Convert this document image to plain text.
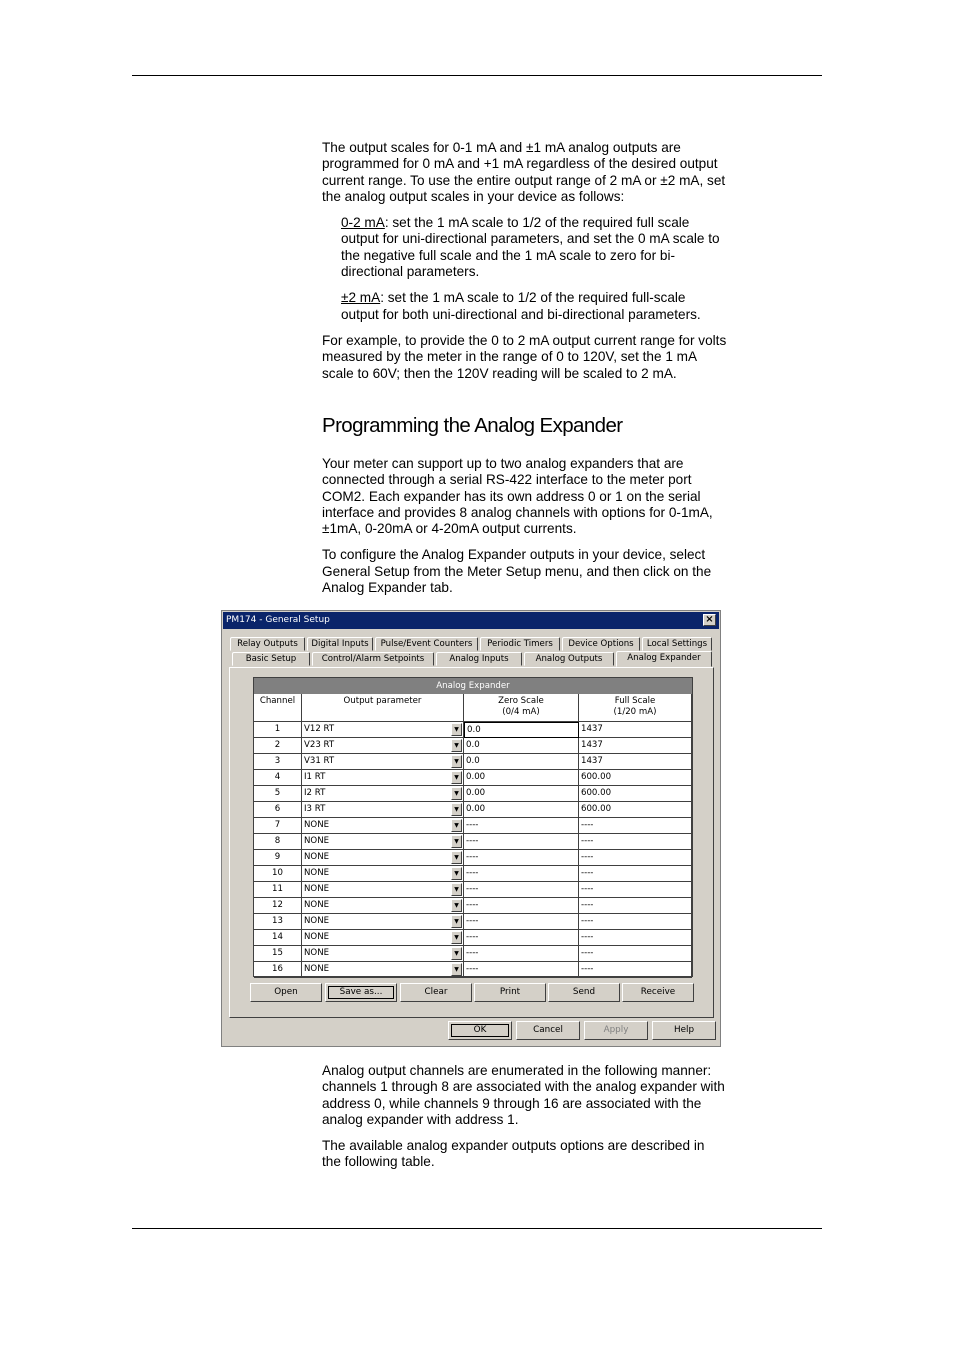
The output scales for 0-1 mA and ±1 mA analog outputs are programmed for 0 mA and +1 mA regardless of the desired output current range. To use the entire output range of 2 mA or ±2 mA, set the analog output scales in your device as follows:

0-2 mA: set the 1 mA scale to 1/2 of the required full scale output for uni-directional parameters, and set the 0 mA scale to the negative full scale and the 1 mA scale to zero for bi-directional parameters.

±2 mA: set the 1 mA scale to 1/2 of the required full-scale output for both uni-directional and bi-directional parameters.

For example, to provide the 0 to 2 mA output current range for volts measured by the meter in the range of 0 to 120V, set the 1 mA scale to 60V; then the 120V reading will be scaled to 2 mA.

Programming the Analog Expander

Your meter can support up to two analog expanders that are connected through a serial RS-422 interface to the meter port COM2. Each expander has its own address 0 or 1 on the serial interface and provides 8 analog channels with options for 0-1mA, ±1mA, 0-20mA or 4-20mA output currents.

To configure the Analog Expander outputs in your device, select General Setup from the Meter Setup menu, and then click on the Analog Expander tab.

PM174 - General Setup	×
Relay Outputs	Digital Inputs	Pulse/Event Counters	Periodic Timers	Device Options	Local Settings
Basic Setup	Control/Alarm Setpoints	Analog Inputs	Analog Outputs	Analog Expander
Analog Expander
Channel	Output parameter	Zero Scale
(0/4 mA)
Full Scale
(1/20 mA)
1	V12 RT	▼ 0.0	1437
2	V23 RT	▼ 0.0	1437
3	V31 RT	▼ 0.0	1437
4	I1 RT	▼ 0.00	600.00
5	I2 RT	▼ 0.00	600.00
6	I3 RT	▼ 0.00	600.00
7	NONE	▼ ----	----
8	NONE	▼ ----	----
9	NONE	▼ ----	----
10	NONE	▼ ----	----
11	NONE	▼ ----	----
12	NONE	▼ ----	----
13	NONE	▼ ----	----
14	NONE	▼ ----	----
15	NONE	▼ ----	----
16	NONE	▼ ----	----
Open	Save as...	Clear	Print	Send	Receive
OK	Cancel	Apply	Help

Analog output channels are enumerated in the following manner: channels 1 through 8 are associated with the analog expander with address 0, while channels 9 through 16 are associated with the analog expander with address 1.

The available analog expander outputs options are described in the following table.
